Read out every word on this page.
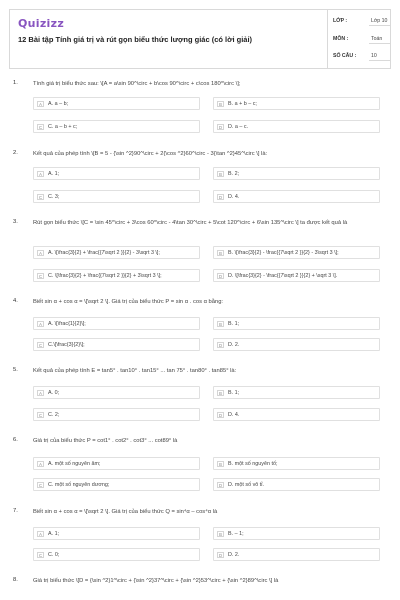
Quizizz
12 Bài tập Tính giá trị và rút gọn biểu thức lượng giác (có lời giải)
LỚP :	Lớp 10
MÔN :	Toán
SỐ CÂU :	10
1.	Tính giá trị biểu thức sau: \[A = a\sin 90^\circ + b\cos 90^\circ + c\cos 180^\circ \];
A	A. a – b;	B	B. a + b – c;
C	C. a – b + c;	D	D. a – c.
2.	Kết quả của phép tính \[B = 5 - {\sin ^2}90^\circ + 2{\cos ^2}60^\circ - 3{\tan ^2}45^\circ \] là:
A	A. 1;	B	B. 2;
C	C. 3;	D	D. 4.
3.	Rút gọn biểu thức \[C = \sin 45^\circ + 3\cos 60^\circ - 4\tan 30^\circ + 5\cot 120^\circ + 6\sin 135^\circ \] ta được kết quả là
A	A. \[\frac{3}{2} + \frac{{7\sqrt 2 }}{2} - 3\sqrt 3 \];	B	B. \[\frac{3}{2} - \frac{{7\sqrt 2 }}{2} - 3\sqrt 3 \];
C	C. \[\frac{3}{2} + \frac{{7\sqrt 2 }}{2} + 3\sqrt 3 \];	D	D. \[\frac{3}{2} - \frac{{7\sqrt 2 }}{2} + \sqrt 3 \].
4.	Biết sin α + cos α = \[\sqrt 2 \]. Giá trị của biểu thức P = sin α . cos α bằng:
A	A. \[\frac{1}{2}\];	B	B. 1;
C	C.\[\frac{3}{2}\];	D	D. 2.
5.	Kết quả của phép tính E = tan5° . tan10° . tan15° ... tan 75° . tan80° . tan85° là:
A	A. 0;	B	B. 1;
C	C. 2;	D	D. 4.
6.	Giá trị của biểu thức P = cot1° . cot2° . cot3° ... cot89° là
A	A. một số nguyên âm;	B	B. một số nguyên tố;
C	C. một số nguyên dương;	D	D. một số vô tỉ.
7.	Biết sin α + cos α = \[\sqrt 2 \]. Giá trị của biểu thức Q = sin⁴α – cos⁴α là
A	A. 1;	B	B. – 1;
C	C. 0;	D	D. 2.
8.	Giá trị biểu thức \[D = {\sin ^2}1^\circ + {\sin ^2}37^\circ + {\sin ^2}53^\circ + {\sin ^2}89^\circ \] là
